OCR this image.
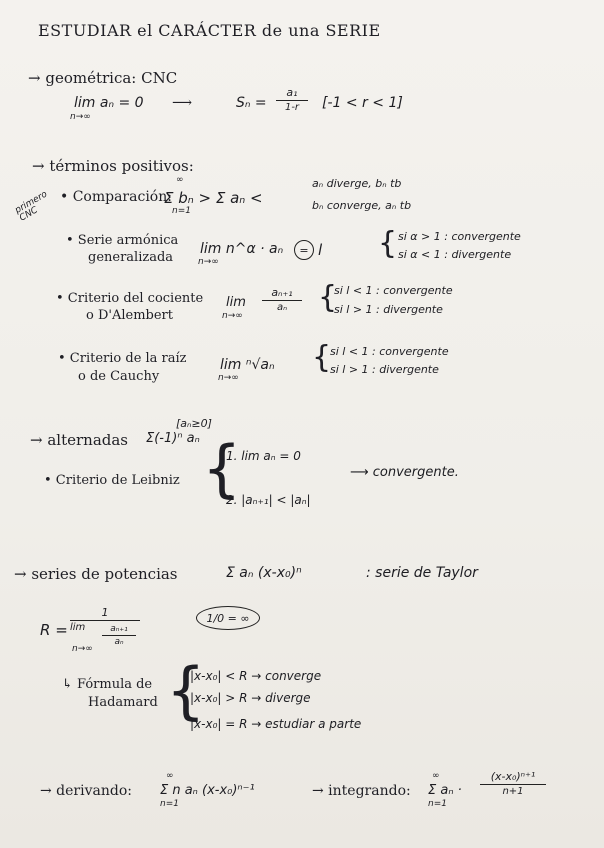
ESTUDIAR el CARÁCTER de una SERIE
→ geométrica: CNC
lim aₙ = 0
n→∞
⟶	Sₙ =
a₁
1-r	[-1 < r < 1]
→ términos positivos:
primero CNC
• Comparación:
Σ bₙ > Σ aₙ <
∞
n=1
aₙ diverge, bₙ tb
bₙ converge, aₙ tb
• Serie armónica
generalizada
lim n^α · aₙ
n→∞
= l { si α > 1 : convergente
si α < 1 : divergente
• Criterio del cociente
o D'Alembert
lim
n→∞
aₙ₊₁
aₙ	{
si l < 1 : convergente
si l > 1 : divergente
• Criterio de la raíz
o de Cauchy
lim ⁿ√aₙ
n→∞
{
si l < 1 : convergente
si l > 1 : divergente
[aₙ≥0]
→ alternadas Σ(-1)ⁿ aₙ
• Criterio de Leibniz {
1. lim aₙ = 0
2. |aₙ₊₁| < |aₙ|
⟶ convergente.
→ series de potencias	Σ aₙ (x-x₀)ⁿ	: serie de Taylor
R =
1
lim	aₙ₊₁
aₙ
n→∞
1/0 = ∞
↳ Fórmula de
Hadamard {
|x-x₀| < R → converge
|x-x₀| > R → diverge
|x-x₀| = R → estudiar a parte
→ derivando: Σ n aₙ (x-x₀)ⁿ⁻¹
∞
n=1
→ integrando: Σ aₙ ·
∞
n=1
(x-x₀)ⁿ⁺¹
n+1
